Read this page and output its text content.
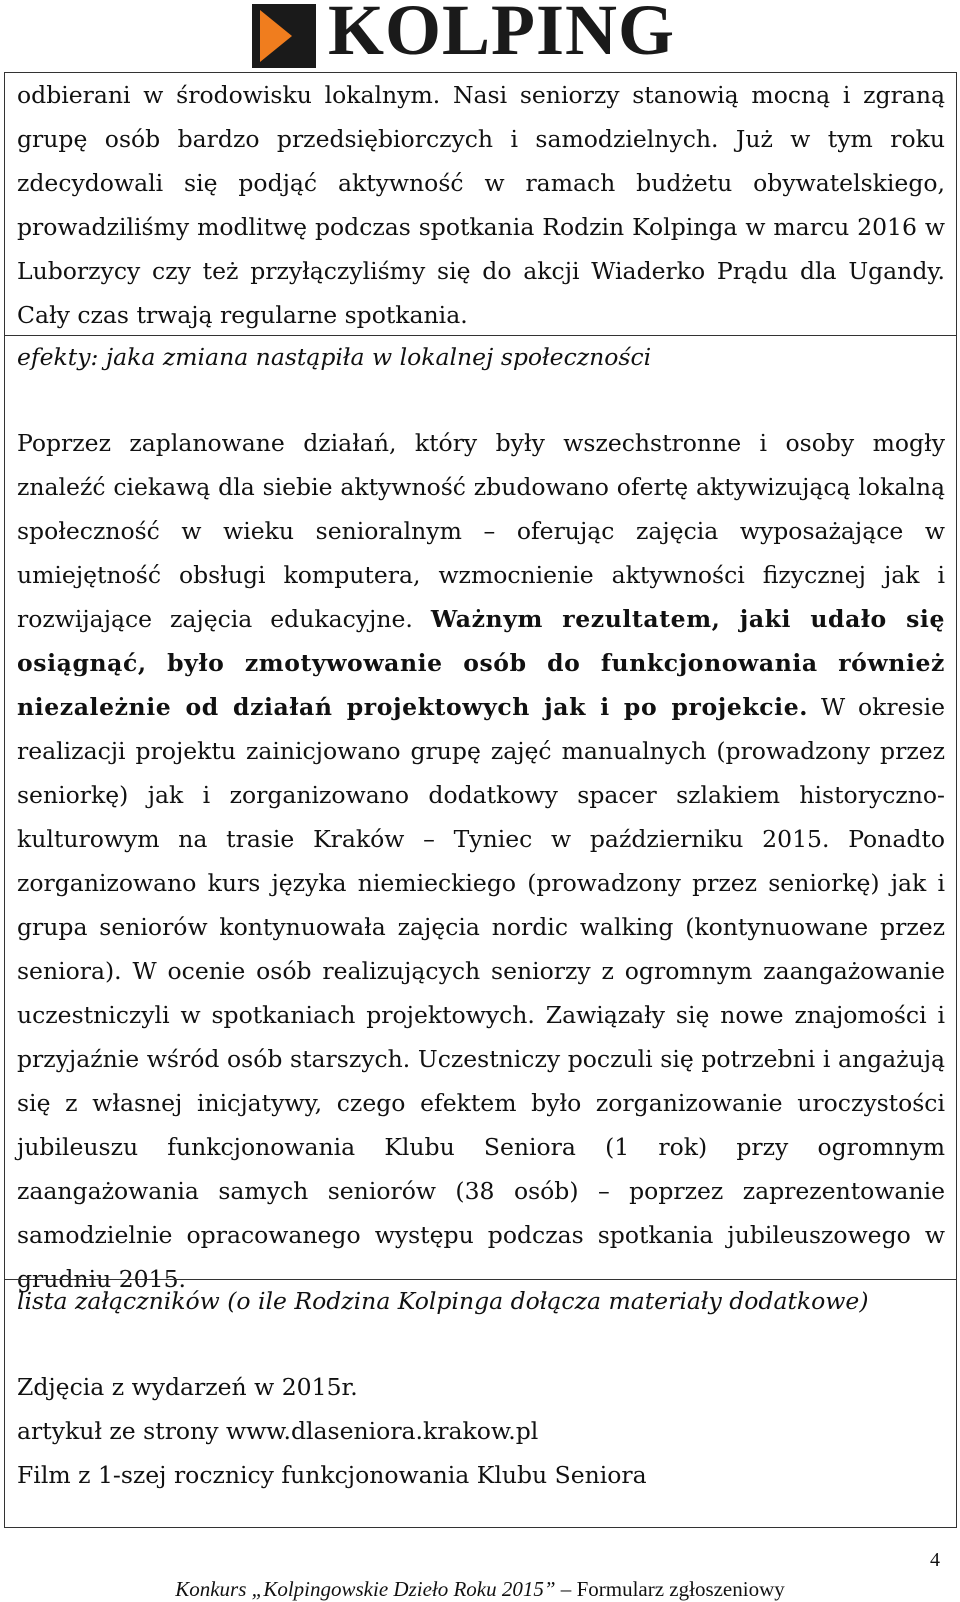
KOLPING

odbierani w środowisku lokalnym. Nasi seniorzy stanowią mocną i zgraną grupę osób bardzo przedsiębiorczych i samodzielnych. Już w tym roku zdecydowali się podjąć aktywność w ramach budżetu obywatelskiego, prowadziliśmy modlitwę podczas spotkania Rodzin Kolpinga w marcu 2016 w Luborzycy czy też przyłączyliśmy się do akcji Wiaderko Prądu dla Ugandy. Cały czas trwają regularne spotkania.

efekty: jaka zmiana nastąpiła w lokalnej społeczności

Poprzez zaplanowane działań, który były wszechstronne i osoby mogły znaleźć ciekawą dla siebie aktywność zbudowano ofertę aktywizującą lokalną społeczność w wieku senioralnym – oferując zajęcia wyposażające w umiejętność obsługi komputera, wzmocnienie aktywności fizycznej jak i rozwijające zajęcia edukacyjne. Ważnym rezultatem, jaki udało się osiągnąć, było zmotywowanie osób do funkcjonowania również niezależnie od działań projektowych jak i po projekcie. W okresie realizacji projektu zainicjowano grupę zajęć manualnych (prowadzony przez seniorkę) jak i zorganizowano dodatkowy spacer szlakiem historyczno-kulturowym na trasie Kraków – Tyniec w październiku 2015. Ponadto zorganizowano kurs języka niemieckiego (prowadzony przez seniorkę) jak i grupa seniorów kontynuowała zajęcia nordic walking (kontynuowane przez seniora). W ocenie osób realizujących seniorzy z ogromnym zaangażowanie uczestniczyli w spotkaniach projektowych. Zawiązały się nowe znajomości i przyjaźnie wśród osób starszych. Uczestniczy poczuli się potrzebni i angażują się z własnej inicjatywy, czego efektem było zorganizowanie uroczystości jubileuszu funkcjonowania Klubu Seniora (1 rok) przy ogromnym zaangażowania samych seniorów (38 osób) – poprzez zaprezentowanie samodzielnie opracowanego występu podczas spotkania jubileuszowego w grudniu 2015.

lista załączników (o ile Rodzina Kolpinga dołącza materiały dodatkowe)
Zdjęcia z wydarzeń w 2015r.
artykuł ze strony www.dlaseniora.krakow.pl
Film z 1-szej rocznicy funkcjonowania Klubu Seniora
4
Konkurs „Kolpingowskie Dzieło Roku 2015” – Formularz zgłoszeniowy
